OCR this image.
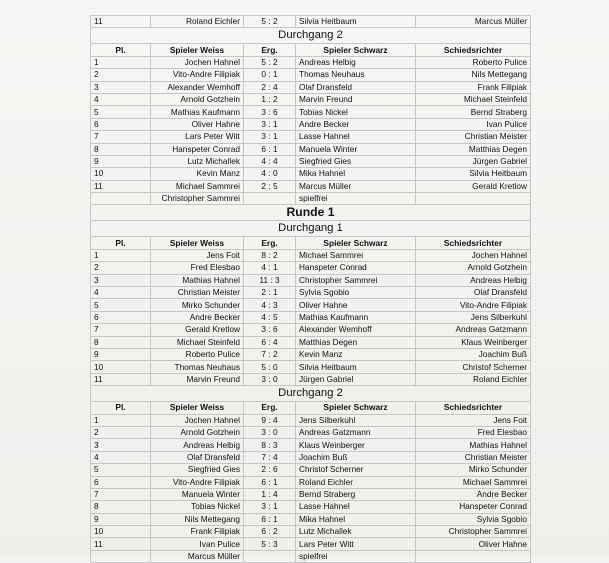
11	Roland Eichler	5 : 2	Silvia Heitbaum	Marcus Müller
Durchgang 2				
Pl.	Spieler Weiss	Erg.	Spieler Schwarz	Schiedsrichter
1	Jochen Hahnel	5 : 2	Andreas Helbig	Roberto Pulice
2	Vito-Andre Filipiak	0 : 1	Thomas Neuhaus	Nils Mettegang
3	Alexander Wemhoff	2 : 4	Olaf Dransfeld	Frank Filipiak
4	Arnold Gotzhein	1 : 2	Marvin Freund	Michael Steinfeld
5	Mathias Kaufmann	3 : 6	Tobias Nickel	Bernd Straberg
6	Oliver Hahne	3 : 1	Andre Becker	Ivan Pulice
7	Lars Peter Witt	3 : 1	Lasse Hahnel	Christian Meister
8	Hanspeter Conrad	6 : 1	Manuela Winter	Matthias Degen
9	Lutz Michallek	4 : 4	Siegfried Gies	Jürgen Gabriel
10	Kevin Manz	4 : 0	Mika Hahnel	Silvia Heitbaum
11	Michael Sammrei	2 : 5	Marcus Müller	Gerald Kretlow
	Christopher Sammrei		spielfrei	
Runde 1				
Durchgang 1				
Pl.	Spieler Weiss	Erg.	Spieler Schwarz	Schiedsrichter
1	Jens Foit	8 : 2	Michael Sammrei	Jochen Hahnel
2	Fred Elesbao	4 : 1	Hanspeter Conrad	Arnold Gotzhein
3	Mathias Hahnel	11 : 3	Christopher Sammrei	Andreas Helbig
4	Christian Meister	2 : 1	Sylvia Sgobio	Olaf Dransfeld
5	Mirko Schunder	4 : 3	Oliver Hahne	Vito-Andre Filipiak
6	Andre Becker	4 : 5	Mathias Kaufmann	Jens Silberkuhl
7	Gerald Kretlow	3 : 6	Alexander Wemhoff	Andreas Gatzmann
8	Michael Steinfeld	6 : 4	Matthias Degen	Klaus Weinberger
9	Roberto Pulice	7 : 2	Kevin Manz	Joachim Buß
10	Thomas Neuhaus	5 : 0	Silvia Heitbaum	Christof Scherner
11	Marvin Freund	3 : 0	Jürgen Gabriel	Roland Eichler
Durchgang 2				
Pl.	Spieler Weiss	Erg.	Spieler Schwarz	Schiedsrichter
1	Jochen Hahnel	9 : 4	Jens Silberkuhl	Jens Foit
2	Arnold Gotzhein	3 : 0	Andreas Gatzmann	Fred Elesbao
3	Andreas Helbig	8 : 3	Klaus Weinberger	Mathias Hahnel
4	Olaf Dransfeld	7 : 4	Joachim Buß	Christian Meister
5	Siegfried Gies	2 : 6	Christof Scherner	Mirko Schunder
6	Vito-Andre Filipiak	6 : 1	Roland Eichler	Michael Sammrei
7	Manuela Winter	1 : 4	Bernd Straberg	Andre Becker
8	Tobias Nickel	3 : 1	Lasse Hahnel	Hanspeter Conrad
9	Nils Mettegang	6 : 1	Mika Hahnel	Sylvia Sgobio
10	Frank Filipiak	6 : 2	Lutz Michallek	Christopher Sammrei
11	Ivan Pulice	5 : 3	Lars Peter Witt	Oliver Hahne
	Marcus Müller		spielfrei	
